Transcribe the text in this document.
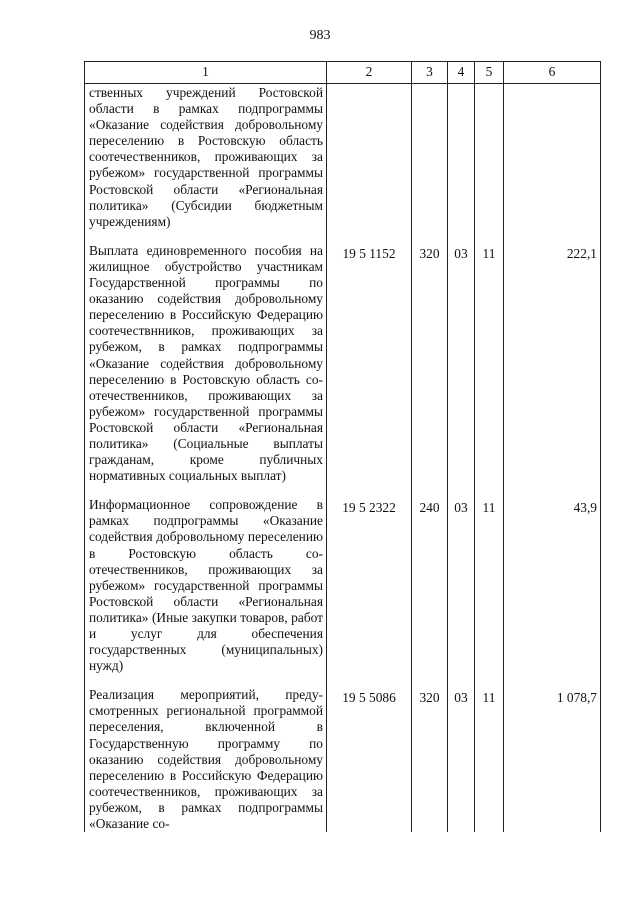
983
1	2	3	4	5	6
ственных учреждений Ростовской области в рамках подпрограммы «Оказание содействия добровольному переселению в Ростовскую область соотечественников, проживающих за рубежом» государственной программы Ростовской области «Региональная политика» (Субсидии бюджетным учреждениям)					

Выплата единовременного пособия на жилищное обустройство участникам Государственной программы по оказанию содействия добровольному переселению в Российскую Федерацию соотечествнников, проживающих за рубежом, в рамках подпрограммы «Оказание содействия добровольному переселению в Ростовскую область соотечественников, проживающих за рубежом» государственной программы Ростовской области «Региональная политика» (Социальные выплаты гражданам, кроме публичных нормативных социальных выплат)	19 5 1152	320	03	11	222,1

Информационное сопровождение в рамках подпрограммы «Оказание содействия добровольному переселению в Ростовскую область соотечественников, проживающих за рубежом» государственной программы Ростовской области «Региональная политика» (Иные закупки товаров, работ и услуг для обеспечения государственных (муниципальных) нужд)	19 5 2322	240	03	11	43,9

Реализация мероприятий, предусмотренных региональной программой переселения, включенной в Государственную программу по оказанию содействия добровольному переселению в Российскую Федерацию соотечественников, проживающих за рубежом, в рамках подпрограммы «Оказание со-	19 5 5086	320	03	11	1 078,7
